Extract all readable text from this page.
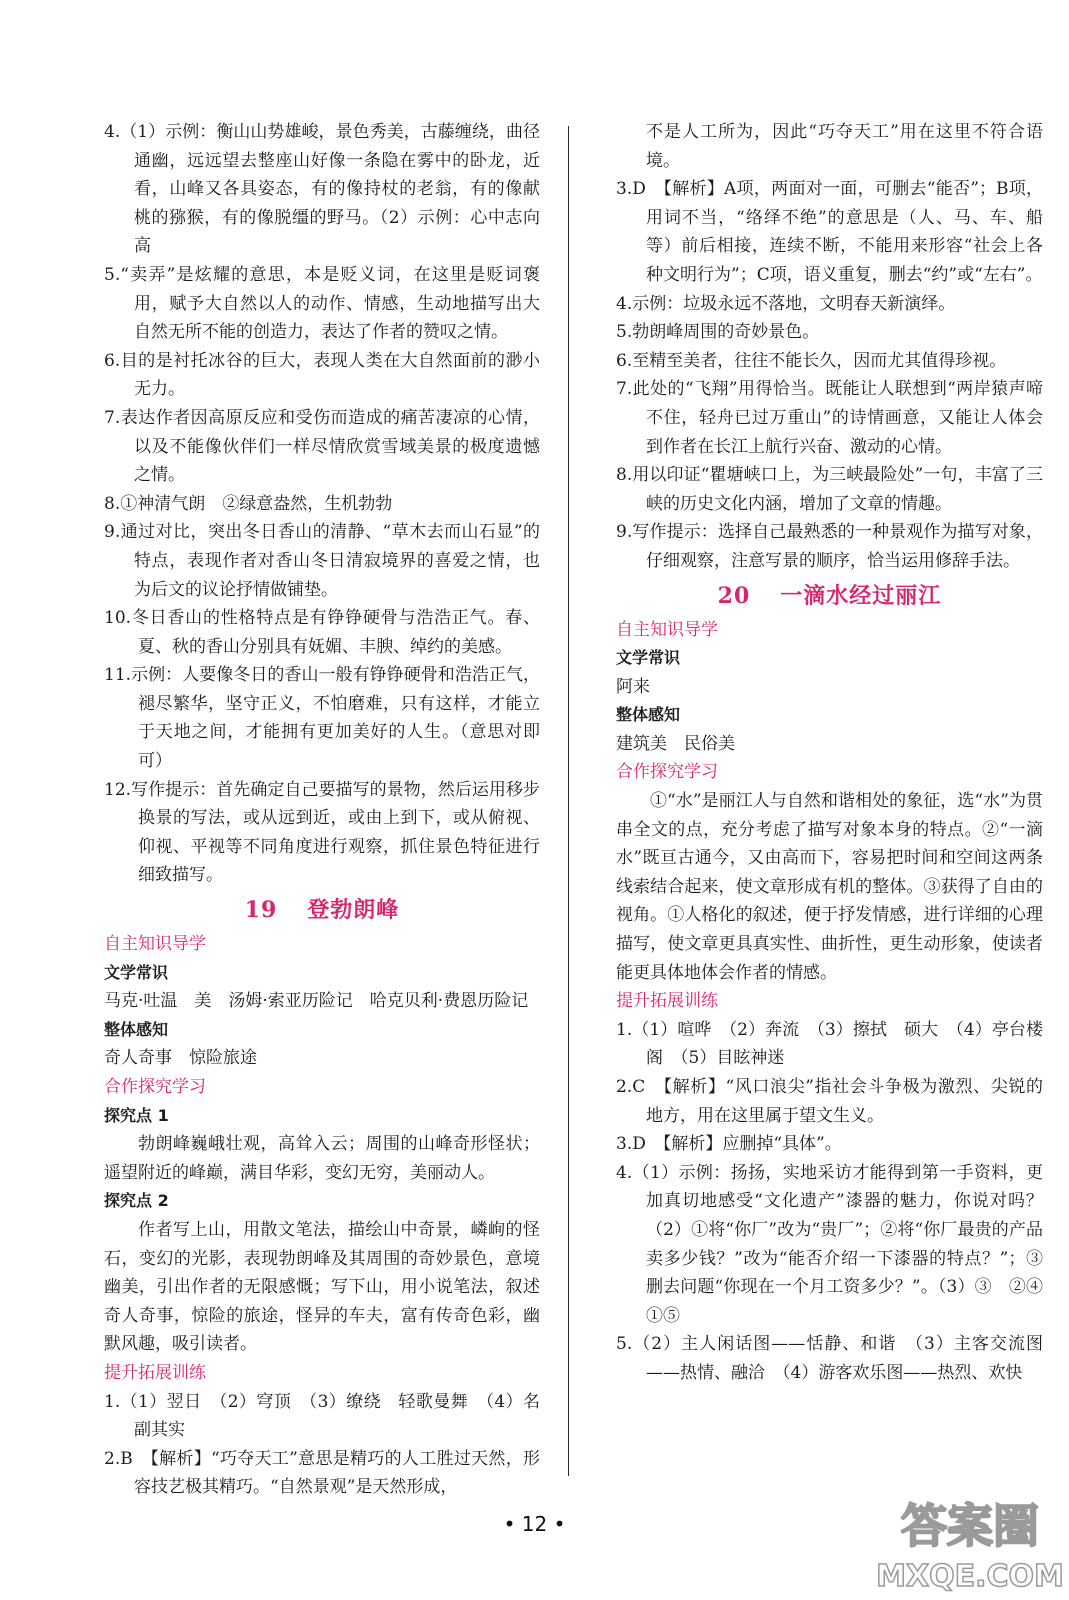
4.（1）示例：衡山山势雄峻，景色秀美，古藤缠绕，曲径通幽，远远望去整座山好像一条隐在雾中的卧龙，近看，山峰又各具姿态，有的像持杖的老翁，有的像献桃的猕猴，有的像脱缰的野马。（2）示例：心中志向高

5.“卖弄”是炫耀的意思，本是贬义词，在这里是贬词褒用，赋予大自然以人的动作、情感，生动地描写出大自然无所不能的创造力，表达了作者的赞叹之情。

6.目的是衬托冰谷的巨大，表现人类在大自然面前的渺小无力。

7.表达作者因高原反应和受伤而造成的痛苦凄凉的心情，以及不能像伙伴们一样尽情欣赏雪域美景的极度遗憾之情。

8.①神清气朗　②绿意盎然，生机勃勃

9.通过对比，突出冬日香山的清静、“草木去而山石显”的特点，表现作者对香山冬日清寂境界的喜爱之情，也为后文的议论抒情做铺垫。

10.冬日香山的性格特点是有铮铮硬骨与浩浩正气。春、夏、秋的香山分别具有妩媚、丰腴、绰约的美感。

11.示例：人要像冬日的香山一般有铮铮硬骨和浩浩正气，褪尽繁华，坚守正义，不怕磨难，只有这样，才能立于天地之间，才能拥有更加美好的人生。（意思对即可）

12.写作提示：首先确定自己要描写的景物，然后运用移步换景的写法，或从远到近，或由上到下，或从俯视、仰视、平视等不同角度进行观察，抓住景色特征进行细致描写。

19 登勃朗峰

自主知识导学

文学常识

马克·吐温　美　汤姆·索亚历险记　哈克贝利·费恩历险记

整体感知

奇人奇事　惊险旅途

合作探究学习

探究点 1

勃朗峰巍峨壮观，高耸入云；周围的山峰奇形怪状；遥望附近的峰巅，满目华彩，变幻无穷，美丽动人。

探究点 2

作者写上山，用散文笔法，描绘山中奇景，嶙峋的怪石，变幻的光影，表现勃朗峰及其周围的奇妙景色，意境幽美，引出作者的无限感慨；写下山，用小说笔法，叙述奇人奇事，惊险的旅途，怪异的车夫，富有传奇色彩，幽默风趣，吸引读者。

提升拓展训练

1.（1）翌日　（2）穹顶　（3）缭绕　轻歌曼舞　（4）名副其实

2.B　【解析】“巧夺天工”意思是精巧的人工胜过天然，形容技艺极其精巧。“自然景观”是天然形成，

不是人工所为，因此“巧夺天工”用在这里不符合语境。

3.D　【解析】A项，两面对一面，可删去“能否”；B项，用词不当，“络绎不绝”的意思是（人、马、车、船等）前后相接，连续不断，不能用来形容“社会上各种文明行为”；C项，语义重复，删去“约”或“左右”。

4.示例：垃圾永远不落地，文明春天新演绎。

5.勃朗峰周围的奇妙景色。

6.至精至美者，往往不能长久，因而尤其值得珍视。

7.此处的“飞翔”用得恰当。既能让人联想到“两岸猿声啼不住，轻舟已过万重山”的诗情画意，又能让人体会到作者在长江上航行兴奋、激动的心情。

8.用以印证“瞿塘峡口上，为三峡最险处”一句，丰富了三峡的历史文化内涵，增加了文章的情趣。

9.写作提示：选择自己最熟悉的一种景观作为描写对象，仔细观察，注意写景的顺序，恰当运用修辞手法。

20 一滴水经过丽江

自主知识导学

文学常识

阿来

整体感知

建筑美　民俗美

合作探究学习

①“水”是丽江人与自然和谐相处的象征，选“水”为贯串全文的点，充分考虑了描写对象本身的特点。②“一滴水”既亘古通今，又由高而下，容易把时间和空间这两条线索结合起来，使文章形成有机的整体。③获得了自由的视角。①人格化的叙述，便于抒发情感，进行详细的心理描写，使文章更具真实性、曲折性，更生动形象，使读者能更具体地体会作者的情感。

提升拓展训练

1.（1）喧哗　（2）奔流　（3）擦拭　硕大　（4）亭台楼阁　（5）目眩神迷

2.C　【解析】“风口浪尖”指社会斗争极为激烈、尖锐的地方，用在这里属于望文生义。

3.D　【解析】应删掉“具体”。

4.（1）示例：扬扬，实地采访才能得到第一手资料，更加真切地感受“文化遗产”漆器的魅力，你说对吗？　（2）①将“你厂”改为“贵厂”；②将“你厂最贵的产品卖多少钱？”改为“能否介绍一下漆器的特点？”；③删去问题“你现在一个月工资多少？”。（3）③　②④　①⑤

5.（2）主人闲话图——恬静、和谐　（3）主客交流图——热情、融洽　（4）游客欢乐图——热烈、欢快

• 12 •	答案圈
MXQE.COM
